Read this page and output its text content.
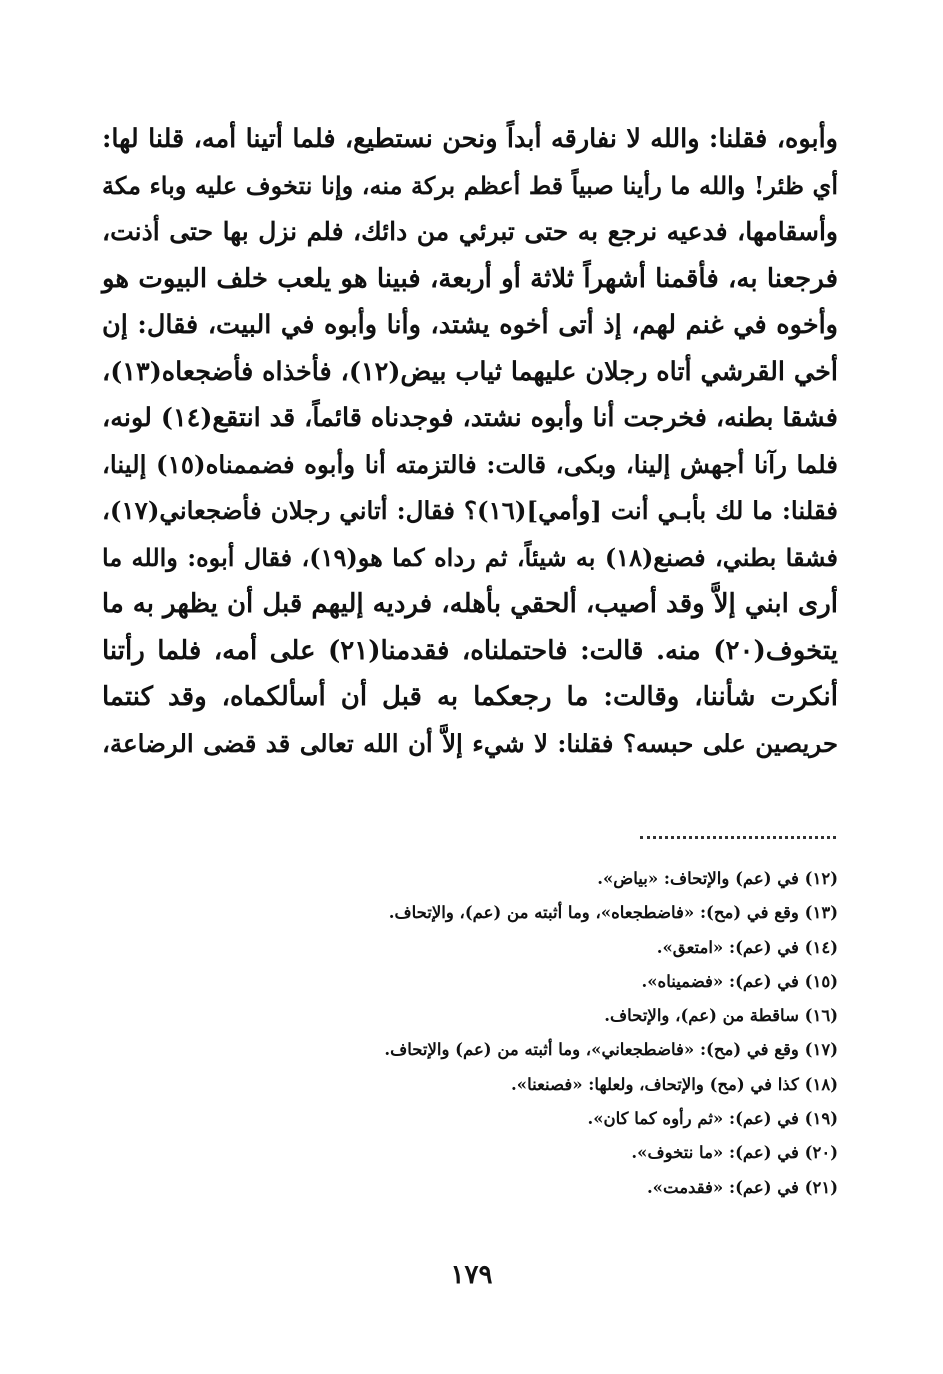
وأبوه، فقلنا: والله لا نفارقه أبداً ونحن نستطيع، فلما أتينا أمه، قلنا لها:
أي ظئر! والله ما رأينا صبياً قط أعظم بركة منه، وإنا نتخوف عليه وباء مكة
وأسقامها، فدعيه نرجع به حتى تبرئي من دائك، فلم نزل بها حتى أذنت،
فرجعنا به، فأقمنا أشهراً ثلاثة أو أربعة، فبينا هو يلعب خلف البيوت هو
وأخوه في غنم لهم، إذ أتى أخوه يشتد، وأنا وأبوه في البيت، فقال: إن
أخي القرشي أتاه رجلان عليهما ثياب بيض(١٢)، فأخذاه فأضجعاه(١٣)،
فشقا بطنه، فخرجت أنا وأبوه نشتد، فوجدناه قائماً، قد انتقع(١٤) لونه،
فلما رآنا أجهش إلينا، وبكى، قالت: فالتزمته أنا وأبوه فضممناه(١٥) إلينا،
فقلنا: ما لك بأبـي أنت [وأمي](١٦)؟ فقال: أتاني رجلان فأضجعاني(١٧)،
فشقا بطني، فصنع(١٨) به شيئاً، ثم رداه كما هو(١٩)، فقال أبوه: والله ما
أرى ابني إلاَّ وقد أصيب، ألحقي بأهله، فرديه إليهم قبل أن يظهر به ما
يتخوف(٢٠) منه. قالت: فاحتملناه، فقدمنا(٢١) على أمه، فلما رأتنا
أنكرت شأننا، وقالت: ما رجعكما به قبل أن أسألكماه، وقد كنتما
حريصين على حبسه؟ فقلنا: لا شيء إلاَّ أن الله تعالى قد قضى الرضاعة،
(١٢) في (عم) والإتحاف: «بياض».
(١٣) وقع في (مح): «فاضطجعاه»، وما أثبته من (عم)، والإتحاف.
(١٤) في (عم): «امتعق».
(١٥) في (عم): «فضميناه».
(١٦) ساقطة من (عم)، والإتحاف.
(١٧) وقع في (مح): «فاضطجعاني»، وما أثبته من (عم) والإتحاف.
(١٨) كذا في (مح) والإتحاف، ولعلها: «فصنعنا».
(١٩) في (عم): «ثم رأوه كما كان».
(٢٠) في (عم): «ما نتخوف».
(٢١) في (عم): «فقدمت».
١٧٩
